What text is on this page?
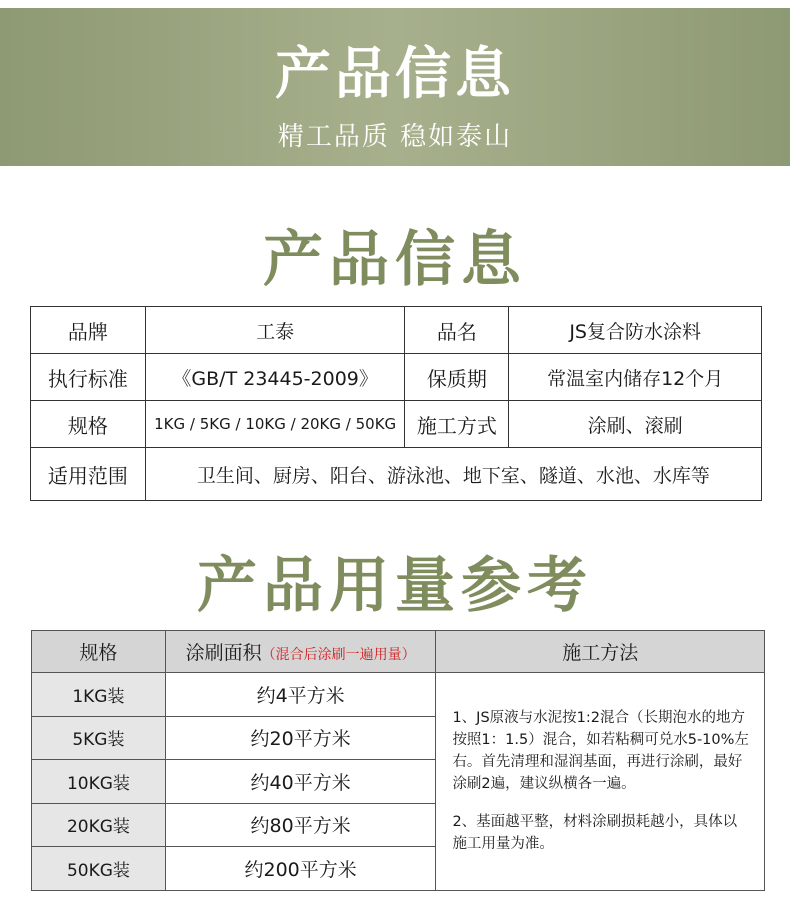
产品信息
精工品质 稳如泰山
产品信息
品牌	工泰	品名	JS复合防水涂料
执行标准	《GB/T 23445-2009》	保质期	常温室内储存12个月
规格	1KG / 5KG / 10KG / 20KG / 50KG	施工方式	涂刷、滚刷
适用范围	卫生间、厨房、阳台、游泳池、地下室、隧道、水池、水库等		
产品用量参考
规格	涂刷面积（混合后涂刷一遍用量）	施工方法
1KG装	约4平方米	1、JS原液与水泥按1:2混合（长期泡水的地方按照1：1.5）混合，如若粘稠可兑水5-10%左右。首先清理和湿润基面，再进行涂刷，最好涂刷2遍，建议纵横各一遍。

2、基面越平整，材料涂刷损耗越小，具体以施工用量为准。

5KG装	约20平方米	
10KG装	约40平方米	
20KG装	约80平方米	
50KG装	约200平方米	
